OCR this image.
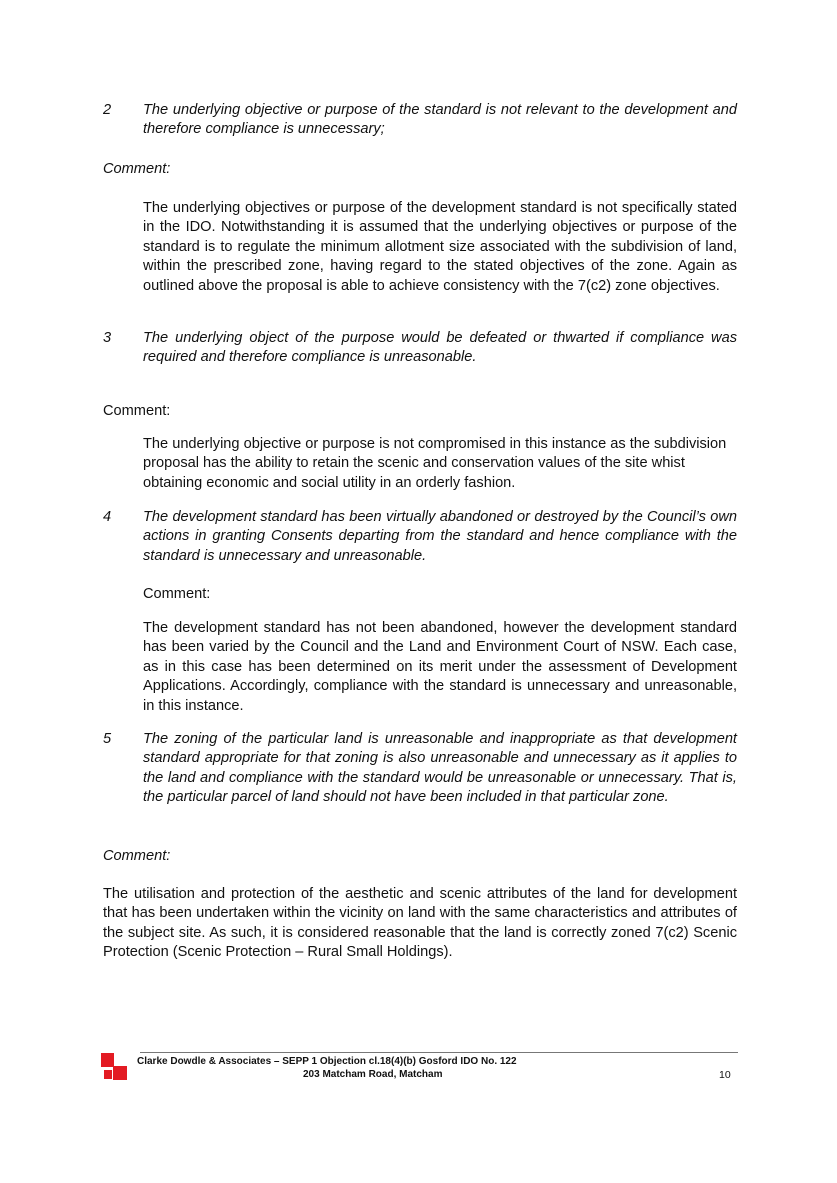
2 The underlying objective or purpose of the standard is not relevant to the development and therefore compliance is unnecessary;
Comment:
The underlying objectives or purpose of the development standard is not specifically stated in the IDO. Notwithstanding it is assumed that the underlying objectives or purpose of the standard is to regulate the minimum allotment size associated with the subdivision of land, within the prescribed zone, having regard to the stated objectives of the zone. Again as outlined above the proposal is able to achieve consistency with the 7(c2) zone objectives.
3 The underlying object of the purpose would be defeated or thwarted if compliance was required and therefore compliance is unreasonable.
Comment:
The underlying objective or purpose is not compromised in this instance as the subdivision proposal has the ability to retain the scenic and conservation values of the site whist obtaining economic and social utility in an orderly fashion.
4 The development standard has been virtually abandoned or destroyed by the Council’s own actions in granting Consents departing from the standard and hence compliance with the standard is unnecessary and unreasonable.
Comment:
The development standard has not been abandoned, however the development standard has been varied by the Council and the Land and Environment Court of NSW. Each case, as in this case has been determined on its merit under the assessment of Development Applications. Accordingly, compliance with the standard is unnecessary and unreasonable, in this instance.
5 The zoning of the particular land is unreasonable and inappropriate as that development standard appropriate for that zoning is also unreasonable and unnecessary as it applies to the land and compliance with the standard would be unreasonable or unnecessary. That is, the particular parcel of land should not have been included in that particular zone.
Comment:
The utilisation and protection of the aesthetic and scenic attributes of the land for development that has been undertaken within the vicinity on land with the same characteristics and attributes of the subject site. As such, it is considered reasonable that the land is correctly zoned 7(c2) Scenic Protection (Scenic Protection – Rural Small Holdings).
Clarke Dowdle & Associates – SEPP 1 Objection cl.18(4)(b) Gosford IDO No. 122
203 Matcham Road, Matcham	10
